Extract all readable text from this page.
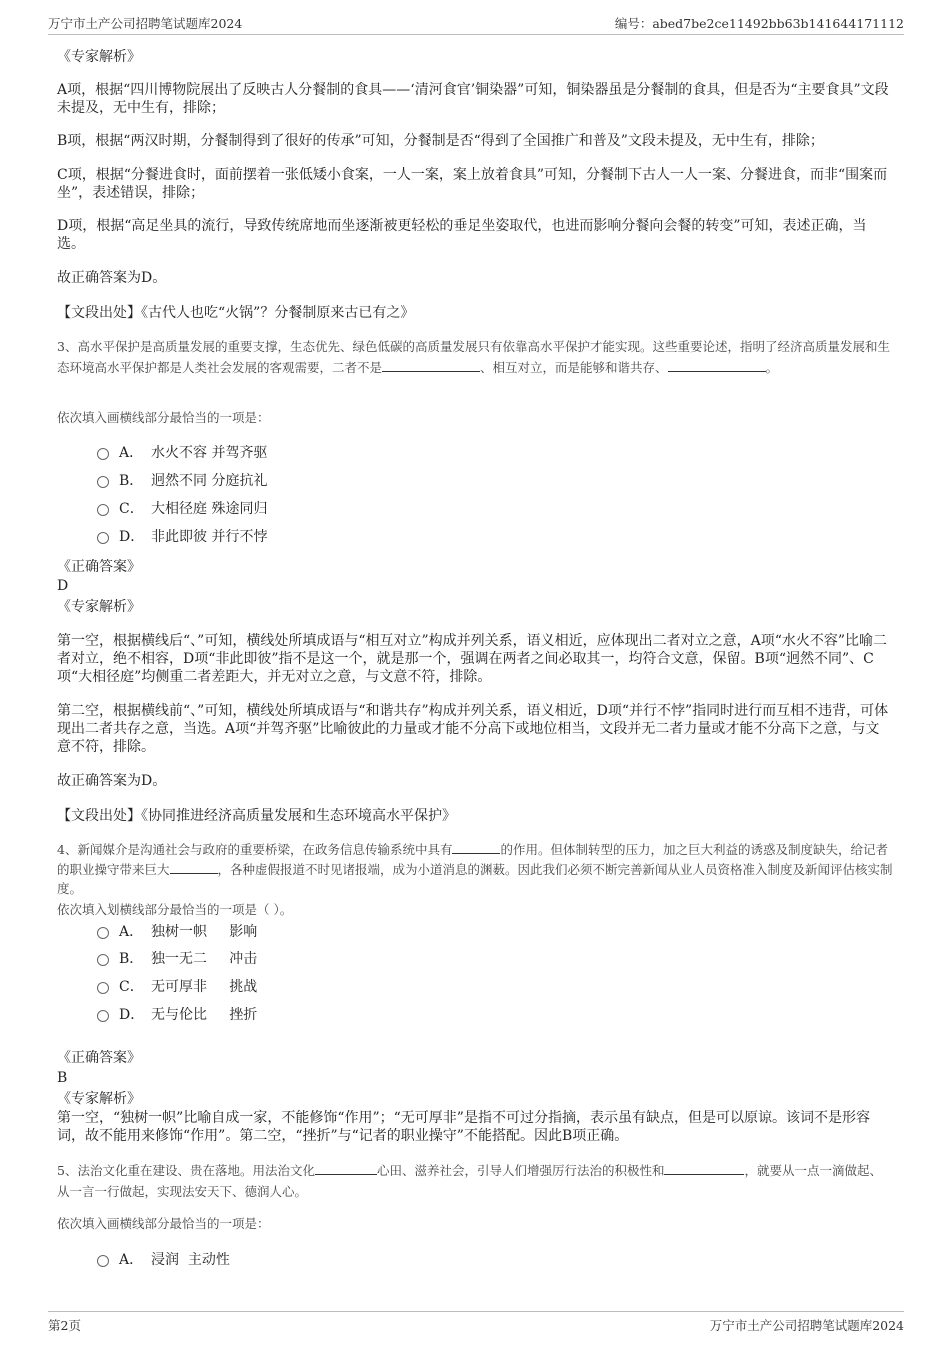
万宁市土产公司招聘笔试题库2024	编号：abed7be2ce11492bb63b141644171112

《专家解析》

A项，根据“四川博物院展出了反映古人分餐制的食具——‘清河食官’铜染器”可知，铜染器虽是分餐制的食具，但是否为“主要食具”文段未提及，无中生有，排除；

B项，根据“两汉时期，分餐制得到了很好的传承”可知，分餐制是否“得到了全国推广和普及”文段未提及，无中生有，排除；

C项，根据“分餐进食时，面前摆着一张低矮小食案，一人一案，案上放着食具”可知，分餐制下古人一人一案、分餐进食，而非“围案而坐”，表述错误，排除；

D项，根据“高足坐具的流行，导致传统席地而坐逐渐被更轻松的垂足坐姿取代，也进而影响分餐向会餐的转变”可知，表述正确，当选。

故正确答案为D。

【文段出处】《古代人也吃“火锅”？分餐制原来古已有之》

3、高水平保护是高质量发展的重要支撑，生态优先、绿色低碳的高质量发展只有依靠高水平保护才能实现。这些重要论述，指明了经济高质量发展和生态环境高水平保护都是人类社会发展的客观需要，二者不是	、相互对立，而是能够和谐共存、	。

依次填入画横线部分最恰当的一项是：

A． 水火不容 并驾齐驱
B． 迥然不同 分庭抗礼
C． 大相径庭 殊途同归
D． 非此即彼 并行不悖

《正确答案》

D

《专家解析》

第一空，根据横线后“、”可知，横线处所填成语与“相互对立”构成并列关系，语义相近，应体现出二者对立之意，A项“水火不容”比喻二者对立，绝不相容，D项“非此即彼”指不是这一个，就是那一个，强调在两者之间必取其一，均符合文意，保留。B项“迥然不同”、C项“大相径庭”均侧重二者差距大，并无对立之意，与文意不符，排除。

第二空，根据横线前“、”可知，横线处所填成语与“和谐共存”构成并列关系，语义相近，D项“并行不悖”指同时进行而互相不违背，可体现出二者共存之意，当选。A项“并驾齐驱”比喻彼此的力量或才能不分高下或地位相当，文段并无二者力量或才能不分高下之意，与文意不符，排除。

故正确答案为D。

【文段出处】《协同推进经济高质量发展和生态环境高水平保护》

4、新闻媒介是沟通社会与政府的重要桥梁，在政务信息传输系统中具有	的作用。但体制转型的压力，加之巨大利益的诱惑及制度缺失，给记者的职业操守带来巨大	，各种虚假报道不时见诸报端，成为小道消息的渊薮。因此我们必须不断完善新闻从业人员资格准入制度及新闻评估核实制度。

依次填入划横线部分最恰当的一项是（ ）。

A． 独树一帜     影响
B． 独一无二     冲击
C． 无可厚非     挑战
D． 无与伦比     挫折

《正确答案》

B

《专家解析》

第一空，“独树一帜”比喻自成一家，不能修饰“作用”；“无可厚非”是指不可过分指摘，表示虽有缺点，但是可以原谅。该词不是形容词，故不能用来修饰“作用”。第二空，“挫折”与“记者的职业操守”不能搭配。因此B项正确。

5、法治文化重在建设、贵在落地。用法治文化	心田、滋养社会，引导人们增强厉行法治的积极性和	，就要从一点一滴做起、从一言一行做起，实现法安天下、德润人心。

依次填入画横线部分最恰当的一项是：

A． 浸润  主动性
第2页	万宁市土产公司招聘笔试题库2024
